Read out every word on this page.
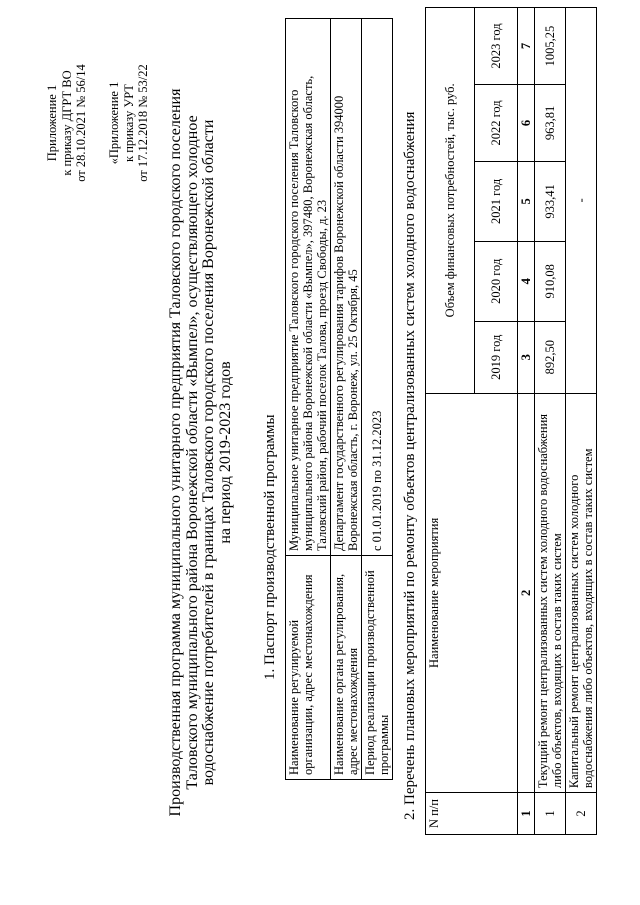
Приложение 1 к приказу ДГРТ ВО от 28.10.2021 № 56/14 «Приложение 1 к приказу УРТ от 17.12.2018 № 53/22 Производственная программа муниципального унитарного предприятия Таловского городского поселения Таловского муниципального района Воронежской области «Вымпел», осуществляющего холодное водоснабжение потребителей в границах Таловского городского поселения Воронежской области на период 2019-2023 годов 1. Паспорт производственной программы
Наименование регулируемой организации, адрес местонахождения	Муниципальное унитарное предприятие Таловского городского поселения Таловского муниципального района Воронежской области «Вымпел», 397480, Воронежская область, Таловский район, рабочий поселок Талова, проезд Свободы, д. 23
Наименование органа регулирования, адрес местонахождения	Департамент государственного регулирования тарифов Воронежской области 394000 Воронежская область, г. Воронеж, ул. 25 Октября, 45
Период реализации производственной программы	с 01.01.2019 по 31.12.2023 2. Перечень плановых мероприятий по ремонту объектов централизованных систем холодного водоснабжения N п/п	Наименование мероприятия	Объем финансовых потребностей, тыс. руб.				
		2019 год	2020 год	2021 год	2022 год	2023 год
1	2	3	4	5	6	7
1	Текущий ремонт централизованных систем холодного водоснабжения либо объектов, входящих в состав таких систем	892,50	910,08	933,41	963,81	1005,25
2	Капитальный ремонт централизованных систем холодного водоснабжения либо объектов, входящих в состав таких систем	-				
